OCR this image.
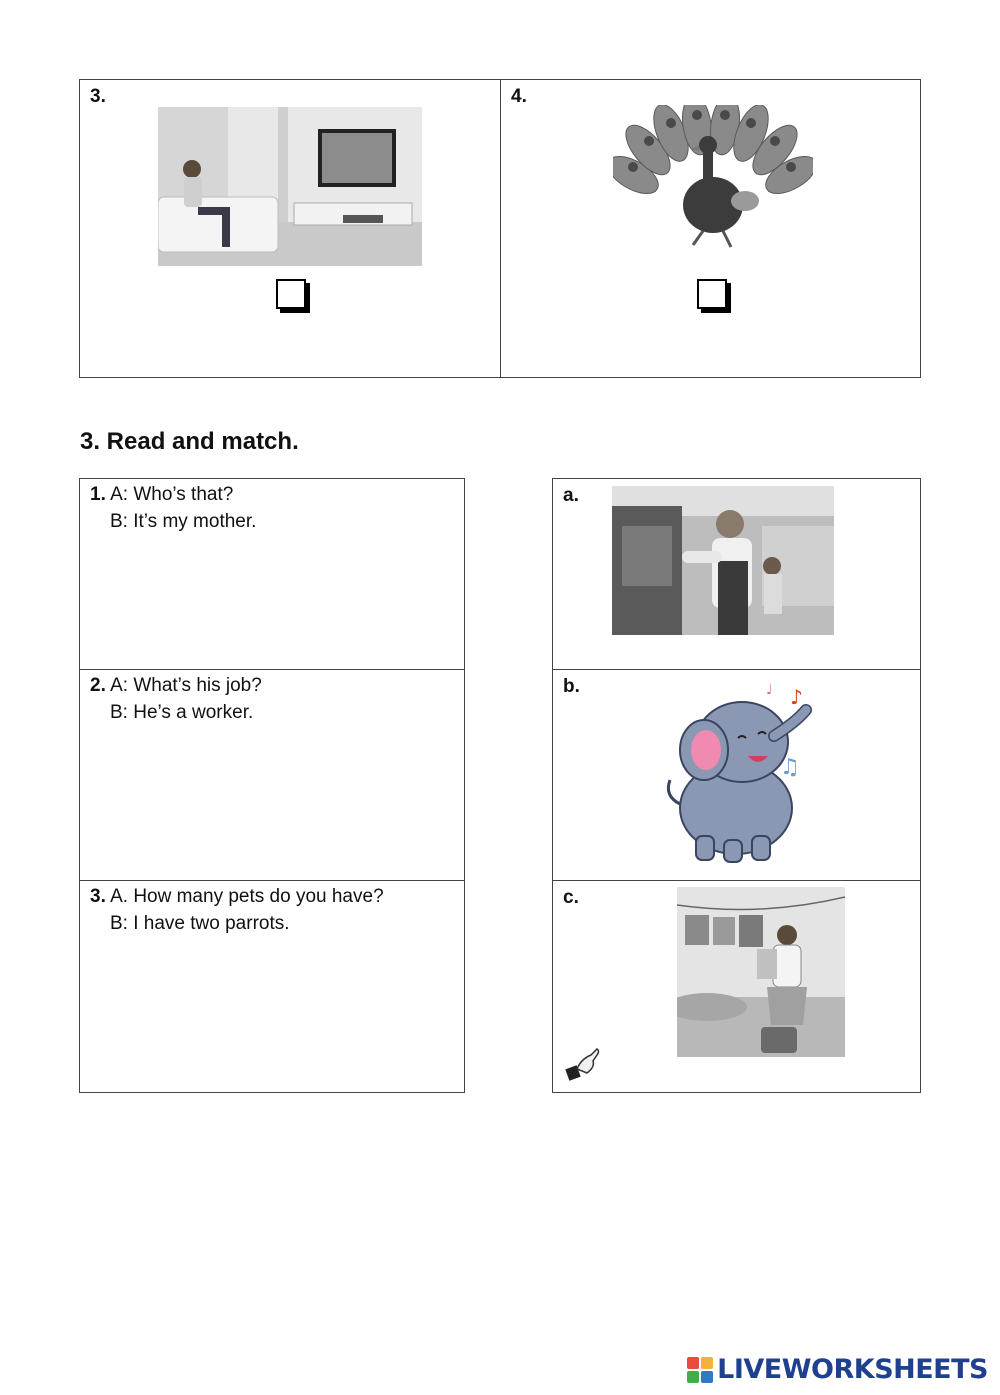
3.	4.
3. Read and match.
1. A: Who’s that?
B: It’s my mother.
2. A: What’s his job?
B: He’s a worker.
3. A. How many pets do you have?
B: I have two parrots.
a.
b.	♪
♩
♫
c.
LIVEWORKSHEETS
